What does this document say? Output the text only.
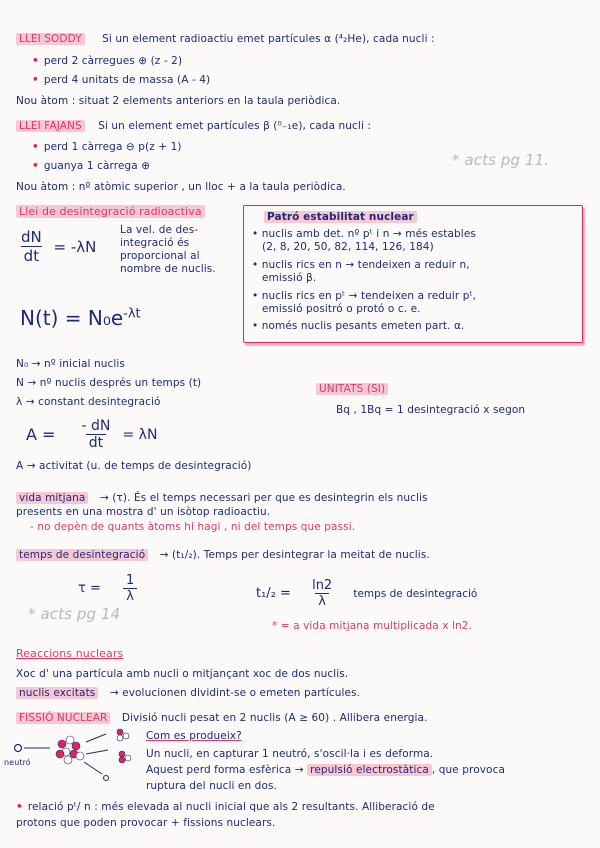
LLEI SODDY Si un element radioactiu emet partícules α (⁴₂He), cada nucli :
• perd 2 càrregues ⊕ (z - 2)
• perd 4 unitats de massa (A - 4)
Nou àtom : situat 2 elements anteriors en la taula periòdica.
LLEI FAJANS Si un element emet partícules β (⁰₋₁e), cada nucli :
• perd 1 càrrega ⊖ p(z + 1)
• guanya 1 càrrega ⊕	* acts pg 11.
Nou àtom : nº atòmic superior , un lloc + a la taula periòdica.
Llei de desintegració radioactiva
$\frac{dN}{dt} = -\lambda N$
La vel. de des-
integració és
proporcional al
nombre de nuclis.
$N(t) = N_0e^{-\lambda t}$
Patró estabilitat nuclear
• nuclis amb det. nº pᵗ i n → més estables
(2, 8, 20, 50, 82, 114, 126, 184)
• nuclis rics en n → tendeixen a reduir n,
emissió β.
• nuclis rics en pᵗ → tendeixen a reduir pᵗ,
emissió positró o protó o c. e.
• només nuclis pesants emeten part. α.
N₀ → nº inicial nuclis
N → nº nuclis després un temps (t)
λ → constant desintegració
$A = \frac{- dN}{dt} = \lambda N$
A → activitat (u. de temps de desintegració)
UNITATS (SI)
Bq , 1Bq = 1 desintegració x segon
vida mitjana → (τ). És el temps necessari per que es desintegrin els nuclis
presents en una mostra d' un isòtop radioactiu.
- no depèn de quants àtoms hi hagi , ni del temps que passi.
temps de desintegració → (t₁/₂). Temps per desintegrar la meitat de nuclis.
$\tau = \frac{1}{\lambda}$	$t_1/_2 = \frac{\ln 2}{\lambda}$ temps de desintegració
* acts pg 14
* = a vida mitjana multiplicada x ln2.
Reaccions nuclears
Xoc d' una partícula amb nucli o mitjançant xoc de dos nuclis.
nuclis excitats → evolucionen dividint-se o emeten partícules.
FISSIÓ NUCLEAR Divisió nucli pesat en 2 nuclis (A ≥ 60) . Allibera energia.
Com es produeix?
Un nucli, en capturar 1 neutró, s'oscil·la i es deforma.
Aquest perd forma esfèrica → repulsió electrostàtica , que provoca
ruptura del nucli en dos.
neutró
• relació pᵗ/ n : més elevada al nucli inicial que als 2 resultants. Alliberació de
protons que poden provocar + fissions nuclears.
